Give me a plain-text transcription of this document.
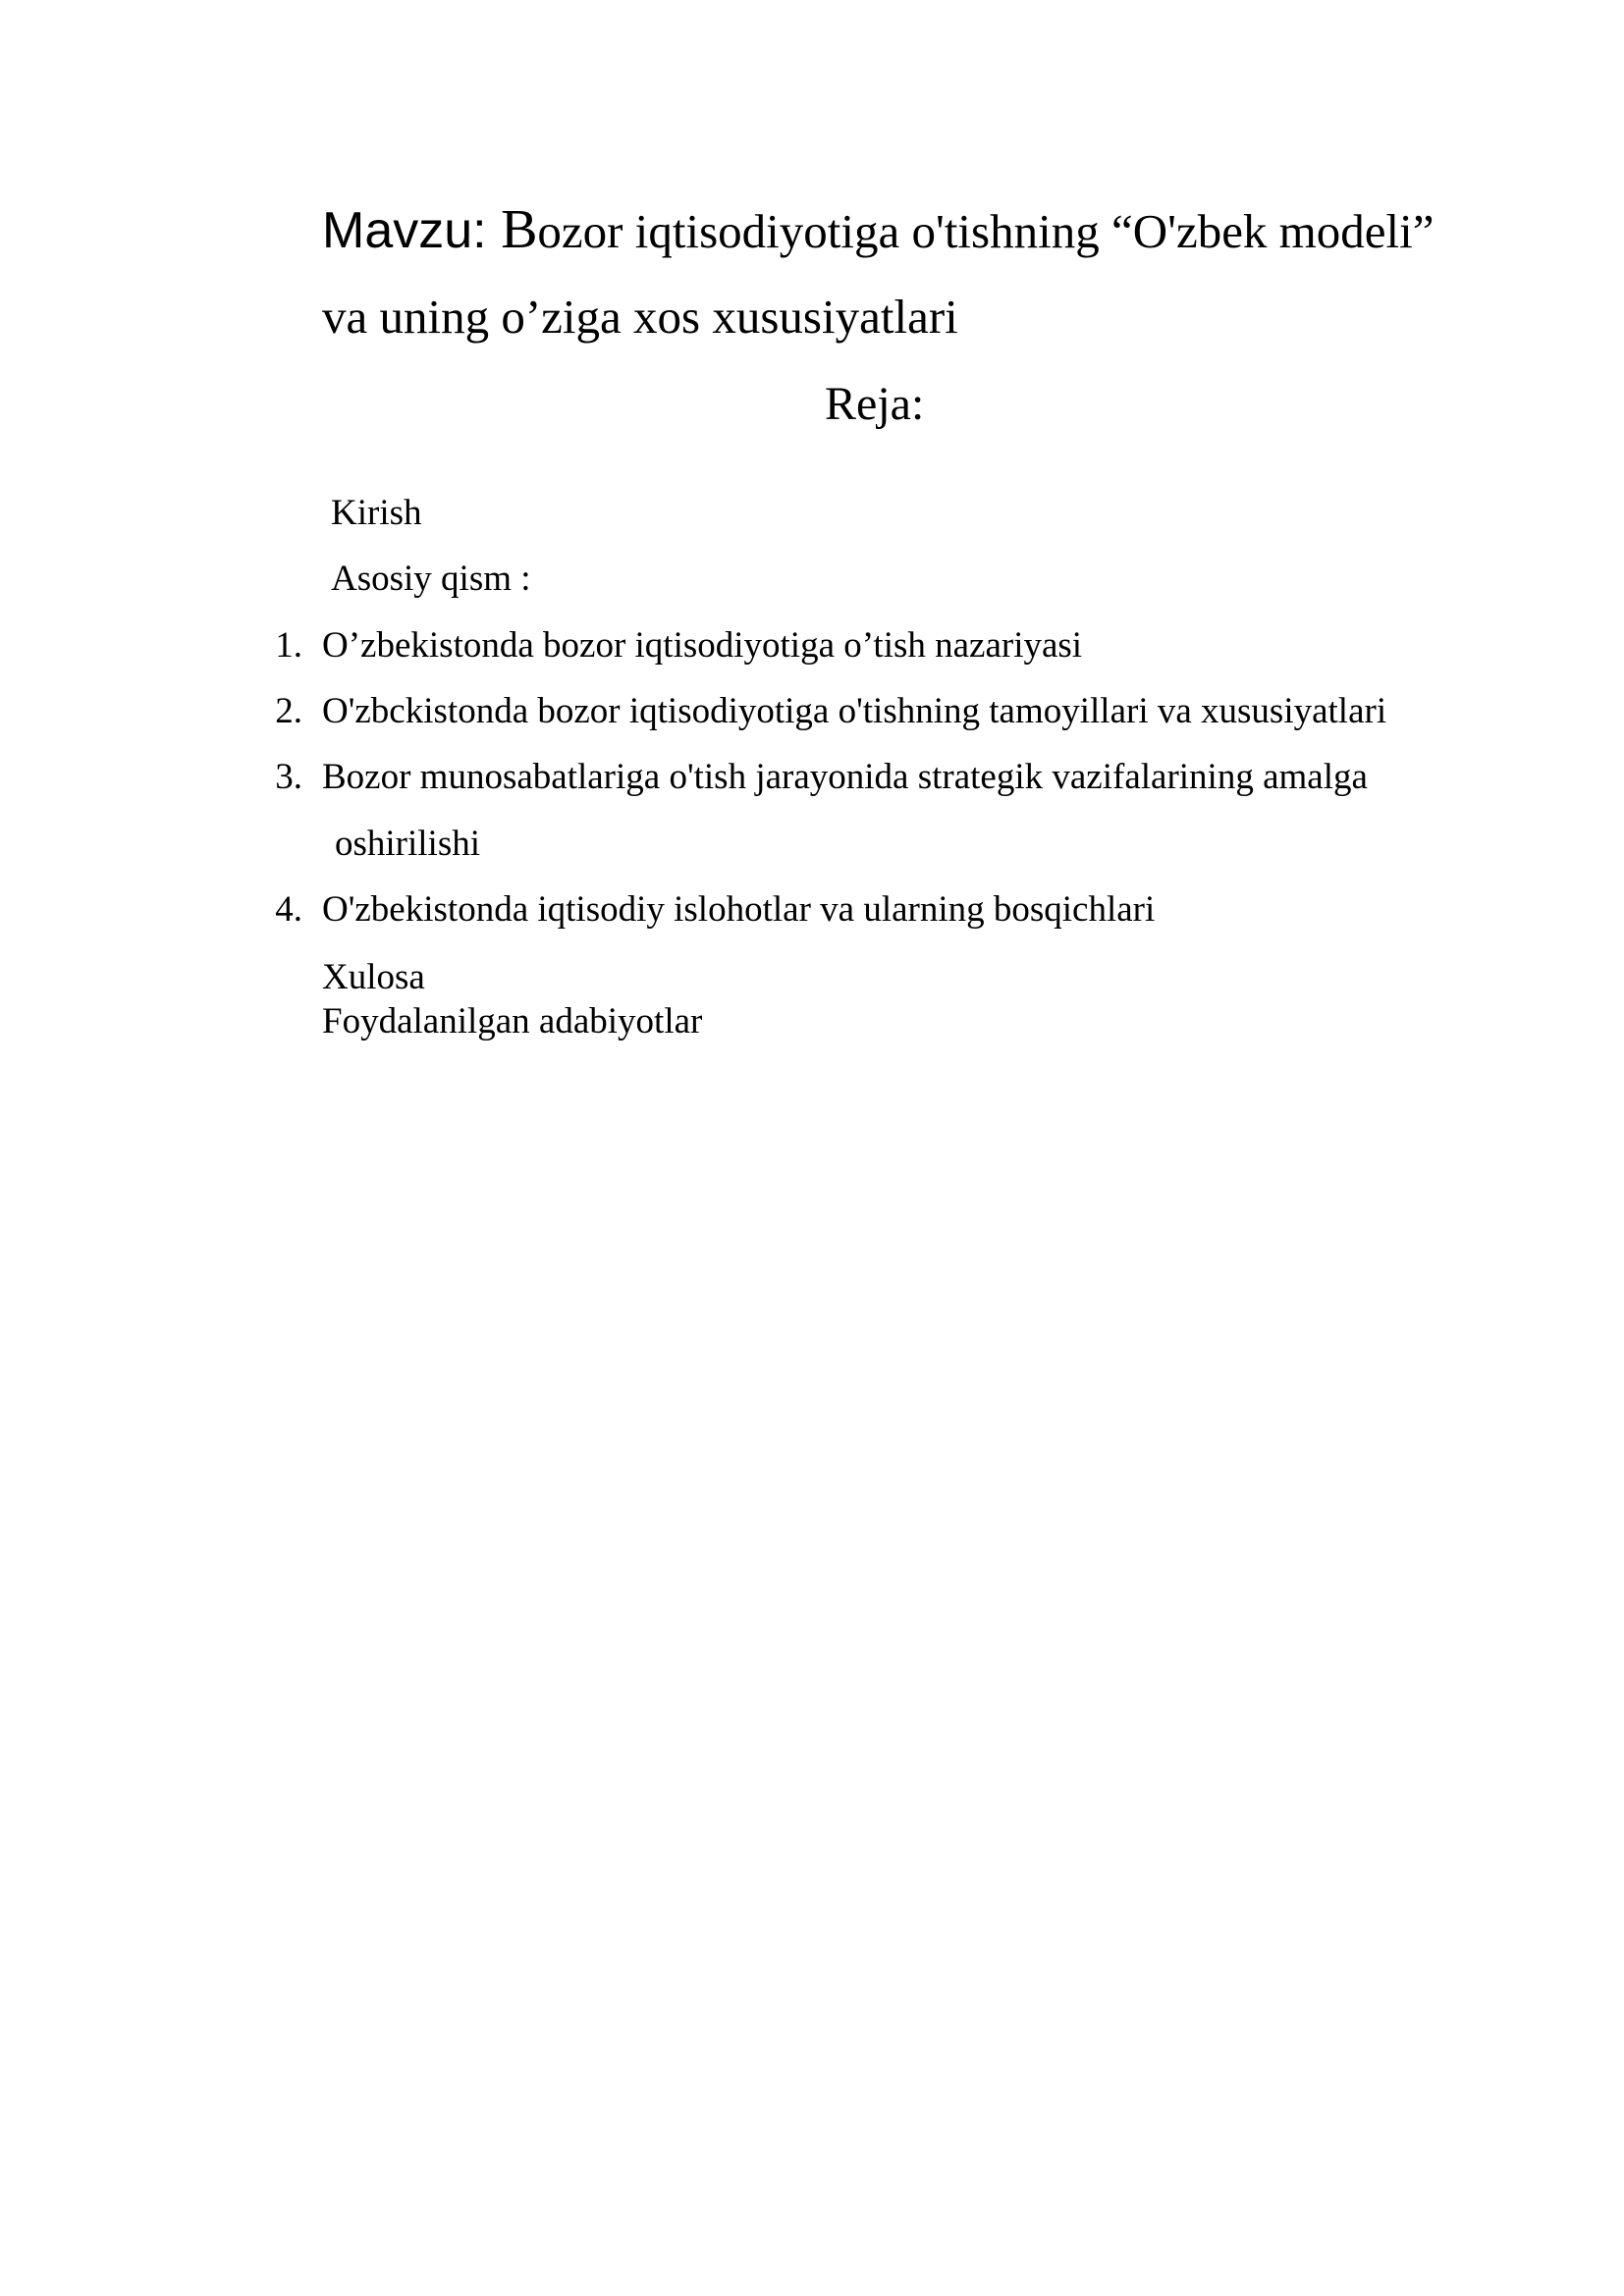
Mavzu: Bozor iqtisodiyotiga o'tishning “O'zbek modeli”
va uning o’ziga xos xususiyatlari
Reja:
Kirish
Asosiy qism :
1. O’zbekistonda bozor iqtisodiyotiga o’tish nazariyasi
2. O'zbckistonda bozor iqtisodiyotiga o'tishning tamoyillari va xususiyatlari
3. Bozor munosabatlariga o'tish jarayonida strategik vazifalarining amalga
oshirilishi
4. O'zbekistonda iqtisodiy islohotlar va ularning bosqichlari
Xulosa
Foydalanilgan adabiyotlar
